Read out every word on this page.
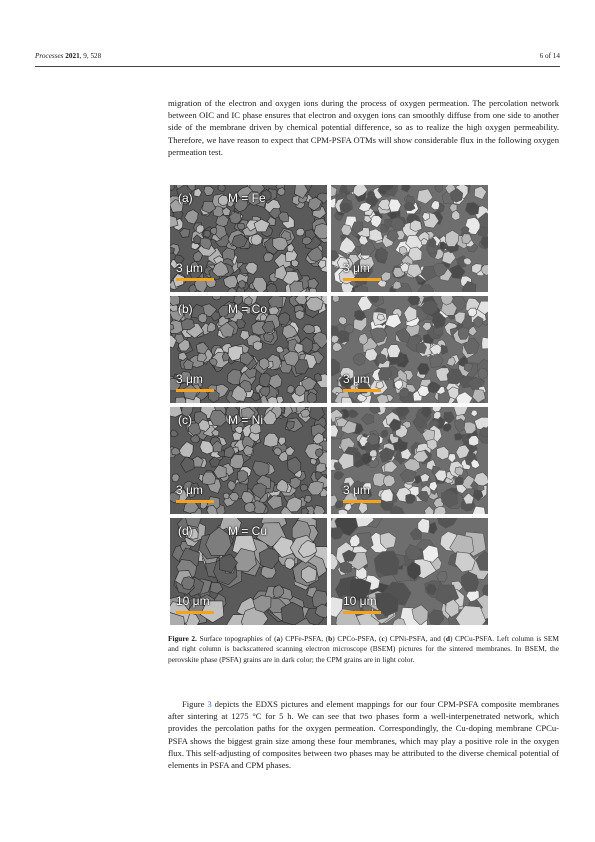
Processes 2021, 9, 528	6 of 14
migration of the electron and oxygen ions during the process of oxygen permeation. The percolation network between OIC and IC phase ensures that electron and oxygen ions can smoothly diffuse from one side to another side of the membrane driven by chemical potential difference, so as to realize the high oxygen permeability. Therefore, we have reason to expect that CPM-PSFA OTMs will show considerable flux in the following oxygen permeation test.
(a)	M = Fe
3 μm	3 μm
(b)	M = Co
3 μm	3 μm
(c)	M = Ni
3 μm	3 μm
(d)	M = Cu
10 μm	10 μm
Figure 2. Surface topographies of (a) CPFe-PSFA, (b) CPCo-PSFA, (c) CPNi-PSFA, and (d) CPCu-PSFA. Left column is SEM and right column is backscattered scanning electron microscope (BSEM) pictures for the sintered membranes. In BSEM, the perovskite phase (PSFA) grains are in dark color; the CPM grains are in light color.
Figure 3 depicts the EDXS pictures and element mappings for our four CPM-PSFA composite membranes after sintering at 1275 °C for 5 h. We can see that two phases form a well-interpenetrated network, which provides the percolation paths for the oxygen permeation. Correspondingly, the Cu-doping membrane CPCu-PSFA shows the biggest grain size among these four membranes, which may play a positive role in the oxygen flux. This self-adjusting of composites between two phases may be attributed to the diverse chemical potential of elements in PSFA and CPM phases.
